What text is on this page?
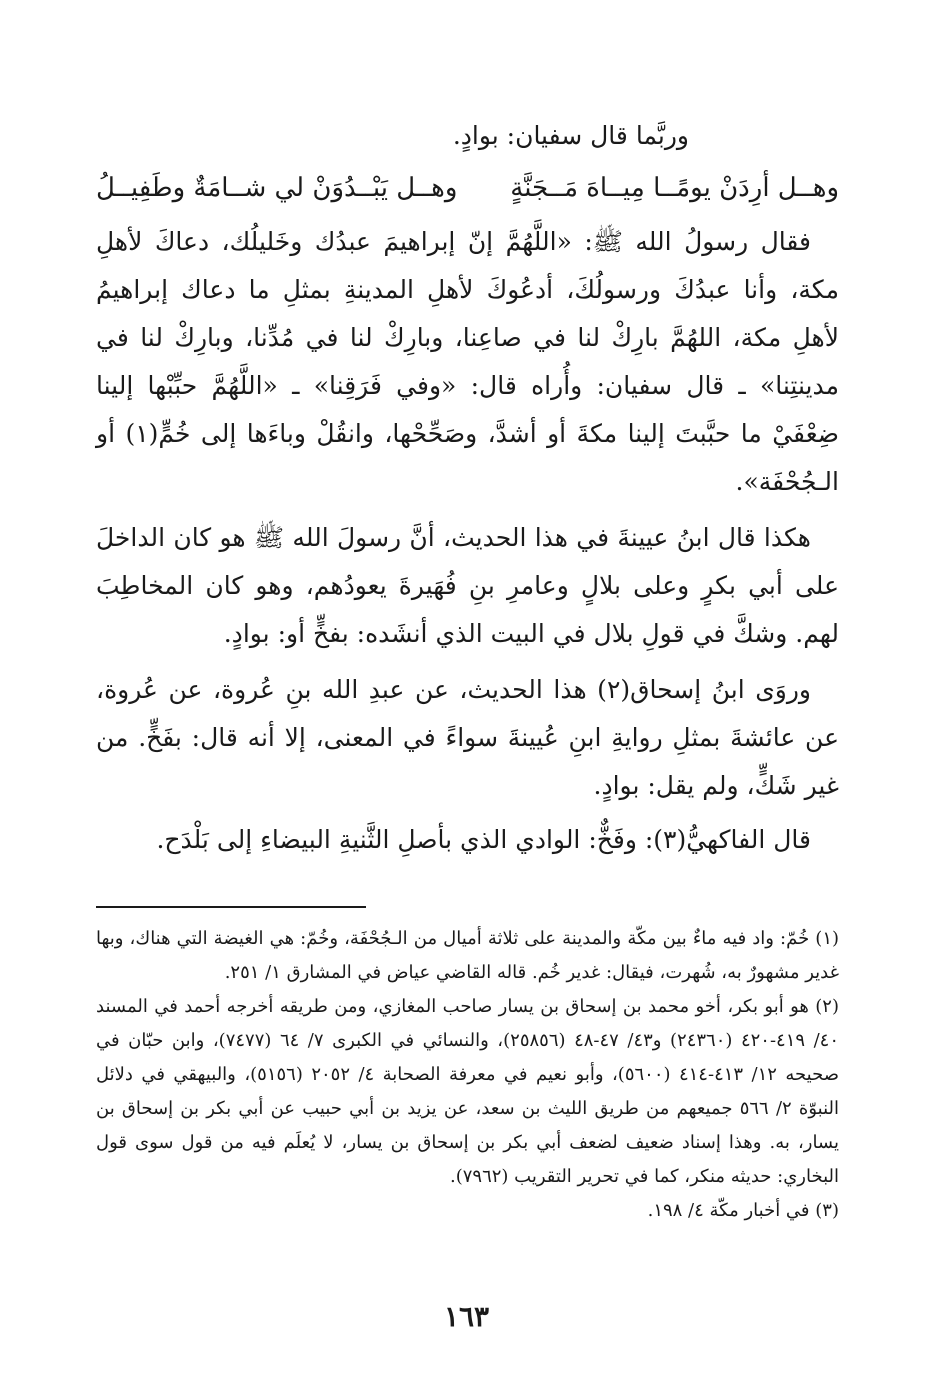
وربَّما قال سفيان: بوادٍ.

وهــل أرِدَنْ يومًــا مِيــاهَ مَــجَنَّةٍ
وهــل يَبْــدُوَنْ لي شــامَةٌ وطَفِيــلُ

فقال رسولُ الله ﷺ: «اللَّهُمَّ إنّ إبراهيمَ عبدُك وخَليلُك، دعاكَ لأهلِ مكة، وأنا عبدُكَ ورسولُكَ، أدعُوكَ لأهلِ المدينةِ بمثلِ ما دعاك إبراهيمُ لأهلِ مكة، اللهُمَّ بارِكْ لنا في صاعِنا، وبارِكْ لنا في مُدِّنا، وبارِكْ لنا في مدينتِنا» ـ قال سفيان: وأُراه قال: «وفي فَرَقِنا» ـ «اللَّهُمَّ حبِّبْها إلينا ضِعْفَيْ ما حبَّبتَ إلينا مكةَ أو أشدَّ، وصَحِّحْها، وانقُلْ وباءَها إلى خُمٍّ(١) أو الـجُحْفَة».

هكذا قال ابنُ عيينةَ في هذا الحديث، أنَّ رسولَ الله ﷺ هو كان الداخلَ على أبي بكرٍ وعلى بلالٍ وعامرِ بنِ فُهَيرةَ يعودُهم، وهو كان المخاطِبَ لهم. وشكَّ في قولِ بلال في البيت الذي أنشَده: بفخٍّ أو: بوادٍ.

وروَى ابنُ إسحاق(٢) هذا الحديث، عن عبدِ الله بنِ عُروة، عن عُروة، عن عائشةَ بمثلِ روايةِ ابنِ عُيينةَ سواءً في المعنى، إلا أنه قال: بفَخٍّ. من غير شَكٍّ، ولم يقل: بوادٍ.

قال الفاكهيُّ(٣): وفَخٌّ: الوادي الذي بأصلِ الثَّنيةِ البيضاءِ إلى بَلْدَح.

(١) خُمّ: واد فيه ماءٌ بين مكّة والمدينة على ثلاثة أميال من الـجُحْفَة، وخُمّ: هي الغيضة التي هناك، وبها غدير مشهورٌ به، شُهرت، فيقال: غدير خُم. قاله القاضي عياض في المشارق ١/ ٢٥١.

(٢) هو أبو بكر، أخو محمد بن إسحاق بن يسار صاحب المغازي، ومن طريقه أخرجه أحمد في المسند ٤٠/ ٤١٩-٤٢٠ (٢٤٣٦٠) و٤٣/ ٤٧-٤٨ (٢٥٨٥٦)، والنسائي في الكبرى ٧/ ٦٤ (٧٤٧٧)، وابن حبّان في صحيحه ١٢/ ٤١٣-٤١٤ (٥٦٠٠)، وأبو نعيم في معرفة الصحابة ٤/ ٢٠٥٢ (٥١٥٦)، والبيهقي في دلائل النبوّة ٢/ ٥٦٦ جميعهم من طريق الليث بن سعد، عن يزيد بن أبي حبيب عن أبي بكر بن إسحاق بن يسار، به. وهذا إسناد ضعيف لضعف أبي بكر بن إسحاق بن يسار، لا يُعلَم فيه من قول سوى قول البخاري: حديثه منكر، كما في تحرير التقريب (٧٩٦٢).

(٣) في أخبار مكّة ٤/ ١٩٨.

١٦٣
